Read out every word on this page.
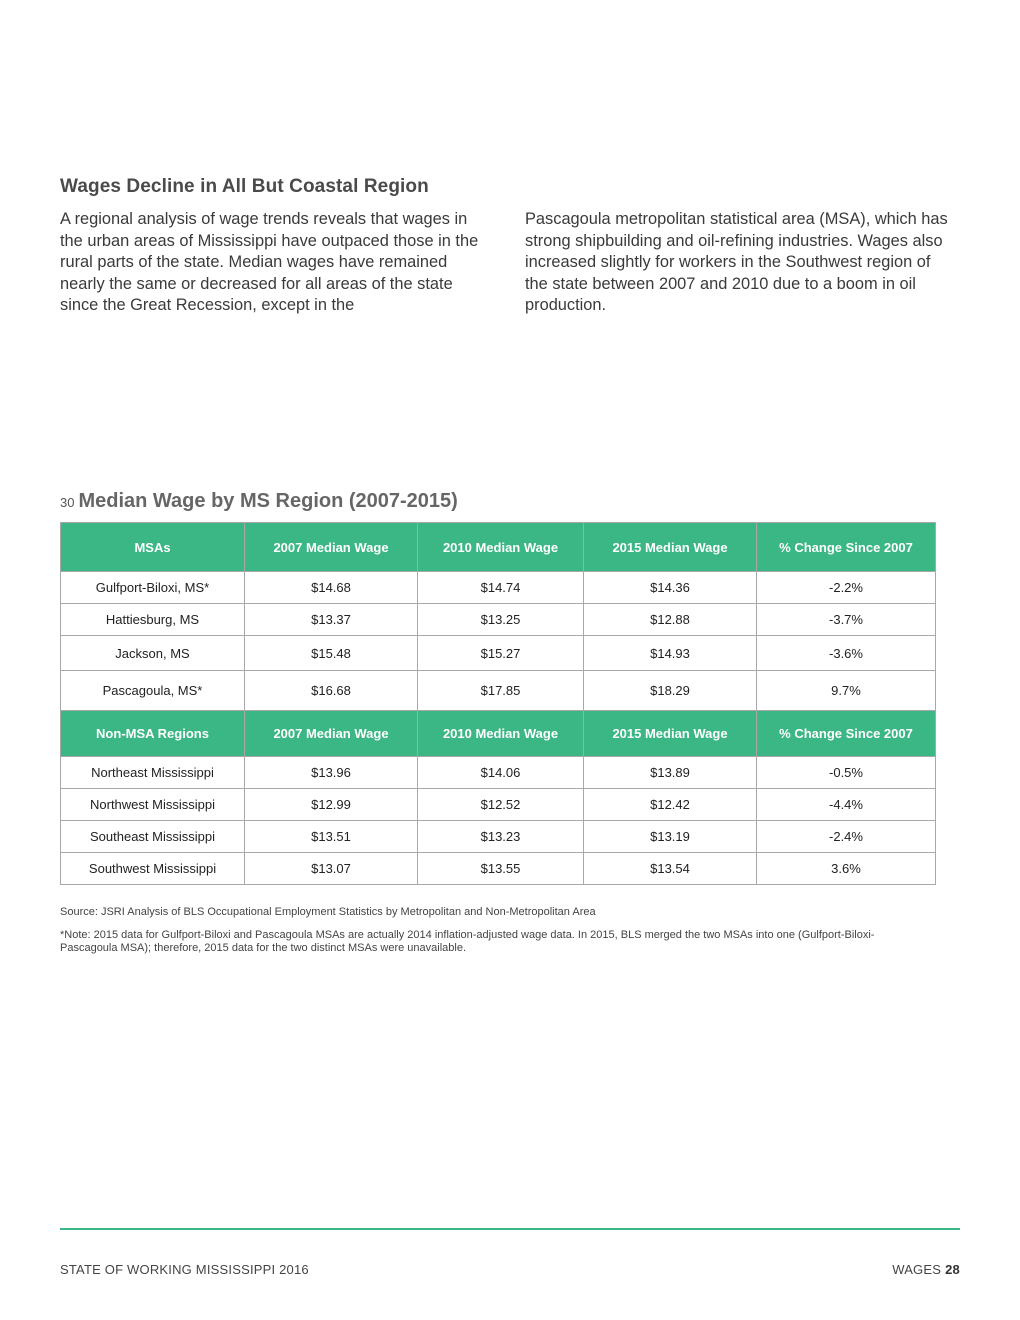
Wages Decline in All But Coastal Region

A regional analysis of wage trends reveals that wages in the urban areas of Mississippi have outpaced those in the rural parts of the state. Median wages have remained nearly the same or decreased for all areas of the state since the Great Recession, except in the

Pascagoula metropolitan statistical area (MSA), which has strong shipbuilding and oil-refining industries. Wages also increased slightly for workers in the Southwest region of the state between 2007 and 2010 due to a boom in oil production.

30 Median Wage by MS Region (2007-2015)
MSAs	2007 Median Wage	2010 Median Wage	2015 Median Wage	% Change Since 2007
Gulfport-Biloxi, MS*	$14.68	$14.74	$14.36	-2.2%
Hattiesburg, MS	$13.37	$13.25	$12.88	-3.7%
Jackson, MS	$15.48	$15.27	$14.93	-3.6%
Pascagoula, MS*	$16.68	$17.85	$18.29	9.7%
Non-MSA Regions	2007 Median Wage	2010 Median Wage	2015 Median Wage	% Change Since 2007
Northeast Mississippi	$13.96	$14.06	$13.89	-0.5%
Northwest Mississippi	$12.99	$12.52	$12.42	-4.4%
Southeast Mississippi	$13.51	$13.23	$13.19	-2.4%
Southwest Mississippi	$13.07	$13.55	$13.54	3.6%

Source: JSRI Analysis of BLS Occupational Employment Statistics by Metropolitan and Non-Metropolitan Area

*Note: 2015 data for Gulfport-Biloxi and Pascagoula MSAs are actually 2014 inflation-adjusted wage data. In 2015, BLS merged the two MSAs into one (Gulfport-Biloxi-Pascagoula MSA); therefore, 2015 data for the two distinct MSAs were unavailable.

STATE OF WORKING MISSISSIPPI 2016	WAGES 28
